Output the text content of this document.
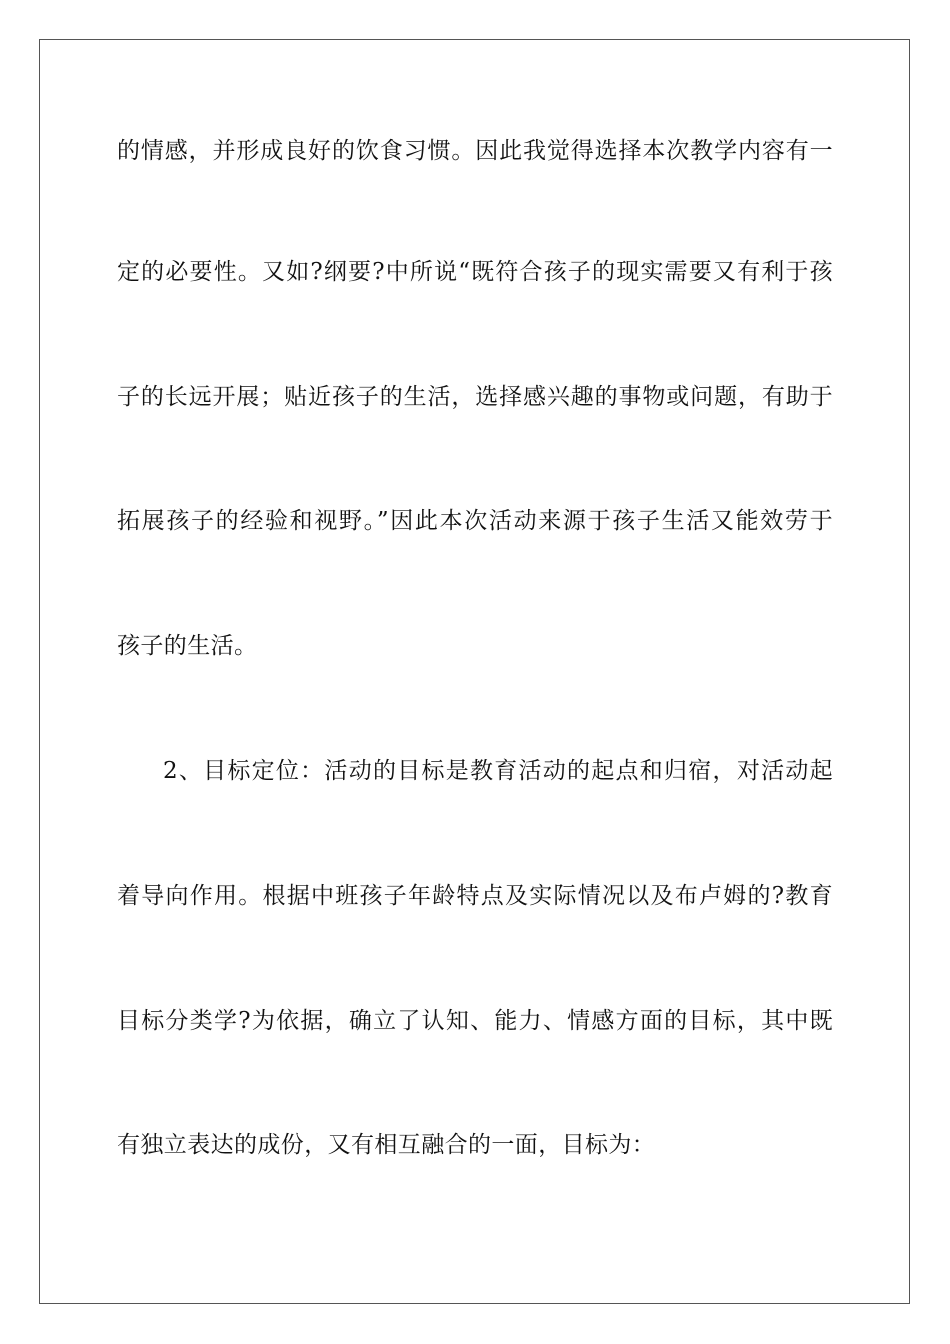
的情感，并形成良好的饮食习惯。因此我觉得选择本次教学内容有一
定的必要性。又如?纲要?中所说“既符合孩子的现实需要又有利于孩
子的长远开展；贴近孩子的生活，选择感兴趣的事物或问题，有助于
拓展孩子的经验和视野。”因此本次活动来源于孩子生活又能效劳于
孩子的生活。
2、目标定位：活动的目标是教育活动的起点和归宿，对活动起
着导向作用。根据中班孩子年龄特点及实际情况以及布卢姆的?教育
目标分类学?为依据，确立了认知、能力、情感方面的目标，其中既
有独立表达的成份，又有相互融合的一面，目标为：
